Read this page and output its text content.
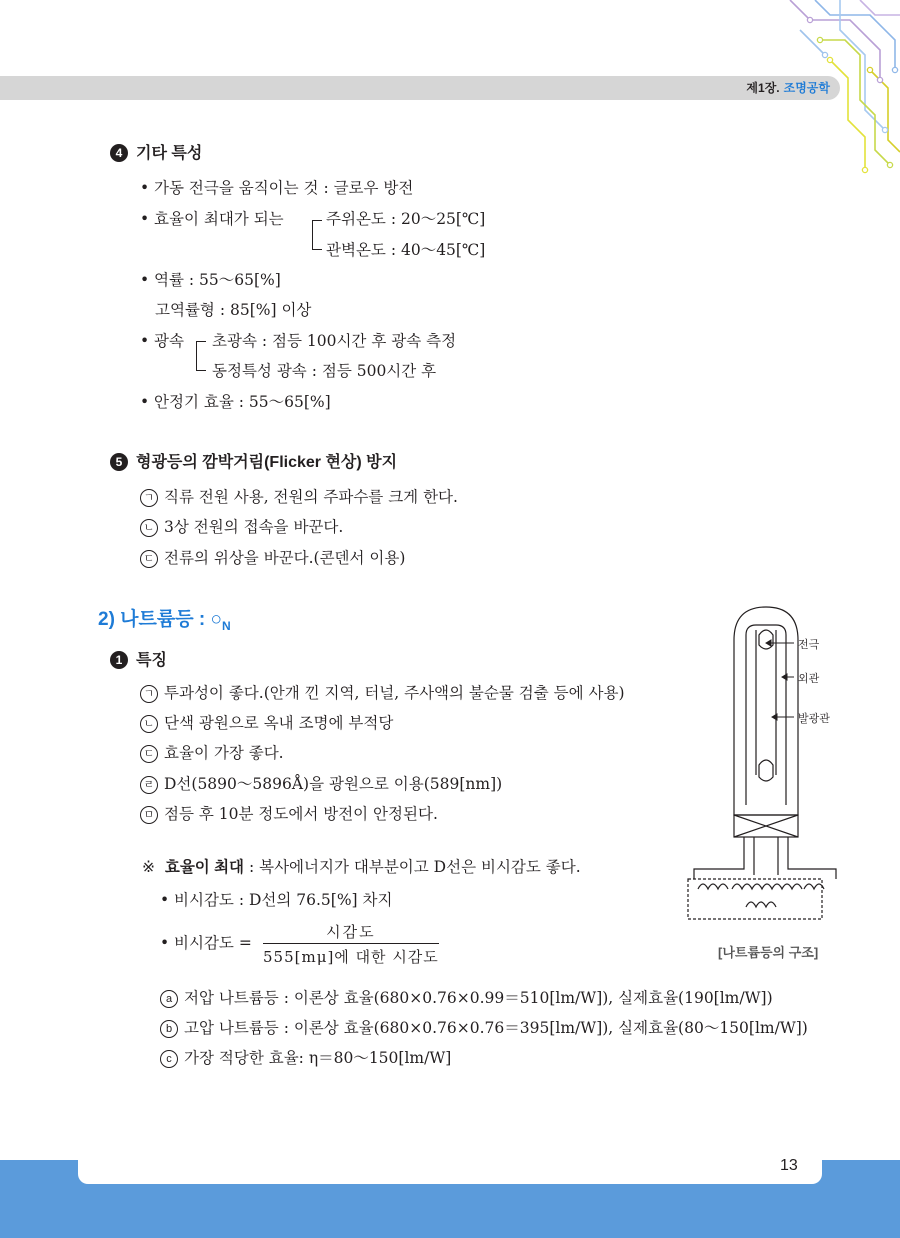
제1장. 조명공학
4 기타 특성
• 가동 전극을 움직이는 것 : 글로우 방전
• 효율이 최대가 되는	주위온도 : 20～25[℃]
관벽온도 : 40～45[℃]
• 역률 : 55～65[%]
고역률형 : 85[%] 이상
• 광속 초광속 : 점등 100시간 후 광속 측정
동정특성 광속 : 점등 500시간 후
• 안정기 효율 : 55～65[%]
5 형광등의 깜박거림(Flicker 현상) 방지
ㄱ 직류 전원 사용, 전원의 주파수를 크게 한다.
ㄴ 3상 전원의 접속을 바꾼다.
ㄷ 전류의 위상을 바꾼다.(콘덴서 이용)
2) 나트륨등 : $○_N$
1 특징
ㄱ 투과성이 좋다.(안개 낀 지역, 터널, 주사액의 불순물 검출 등에 사용)
ㄴ 단색 광원으로 옥내 조명에 부적당
ㄷ 효율이 가장 좋다.
ㄹ D선(5890～5896Å)을 광원으로 이용(589[nm])
ㅁ 점등 후 10분 정도에서 방전이 안정된다.
※ 효율이 최대 : 복사에너지가 대부분이고 D선은 비시감도 좋다.
• 비시감도 : D선의 76.5[%] 차지
• 비시감도 =
시감도
555[mμ]에 대한 시감도
a 저압 나트륨등 : 이론상 효율(680×0.76×0.99＝510[lm/W]), 실제효율(190[lm/W])
b 고압 나트륨등 : 이론상 효율(680×0.76×0.76＝395[lm/W]), 실제효율(80～150[lm/W])
c 가장 적당한 효율: η＝80～150[lm/W]
전극
외관
발광관
[나트륨등의 구조]
13
